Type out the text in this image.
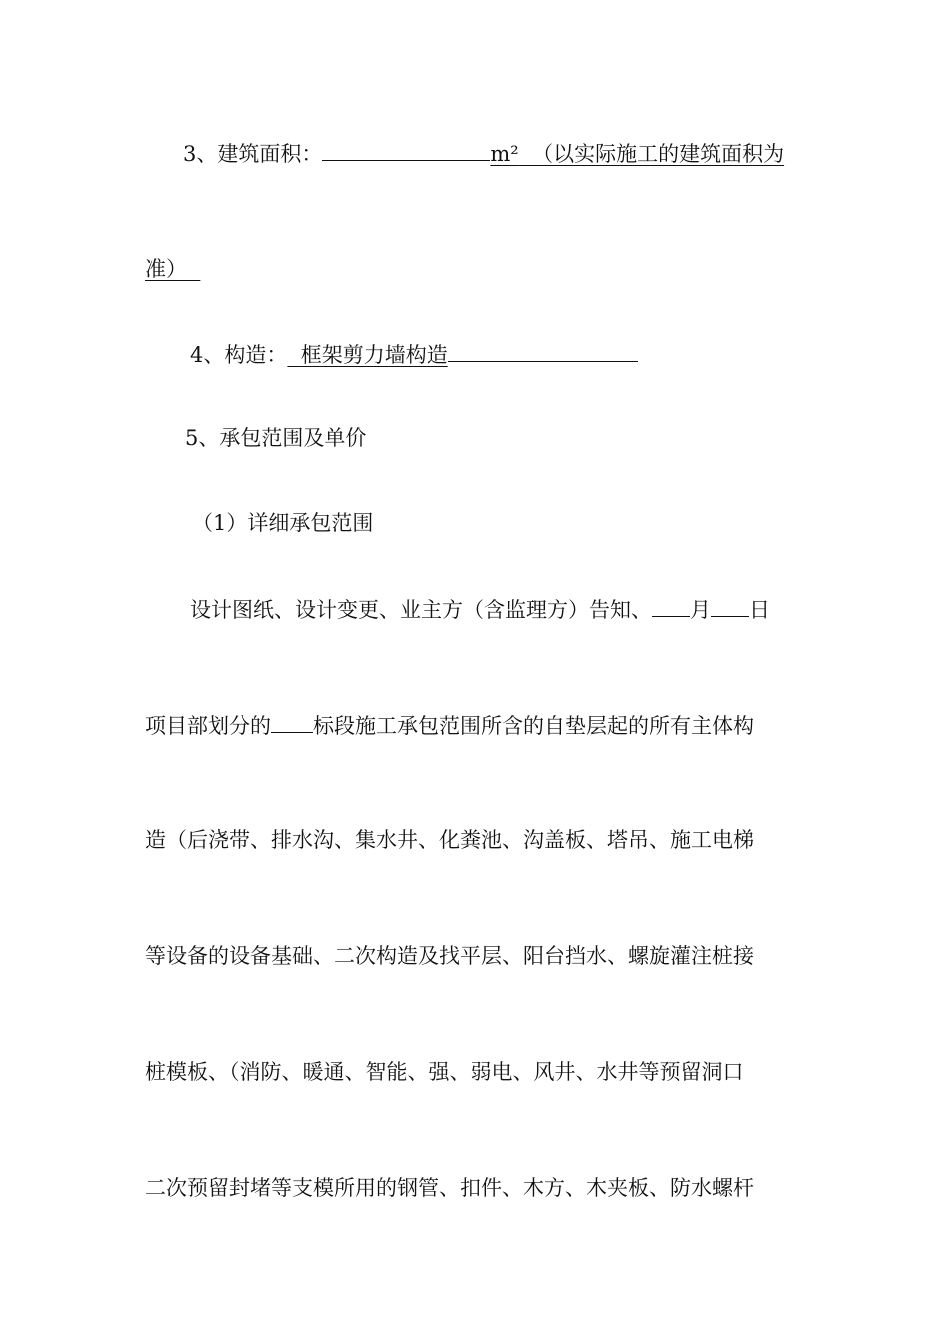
3、建筑面积：	m² （以实际施工的建筑面积为
准）
4、构造： 框架剪力墙构造
5、承包范围及单价
（1）详细承包范围
设计图纸、设计变更、业主方（含监理方）告知、 月 日
项目部划分的 标段施工承包范围所含的自垫层起的所有主体构
造（后浇带、排水沟、集水井、化粪池、沟盖板、塔吊、施工电梯
等设备的设备基础、二次构造及找平层、阳台挡水、螺旋灌注桩接
桩模板、（消防、暖通、智能、强、弱电、风井、水井等预留洞口
二次预留封堵等支模所用的钢管、扣件、木方、木夹板、防水螺杆
